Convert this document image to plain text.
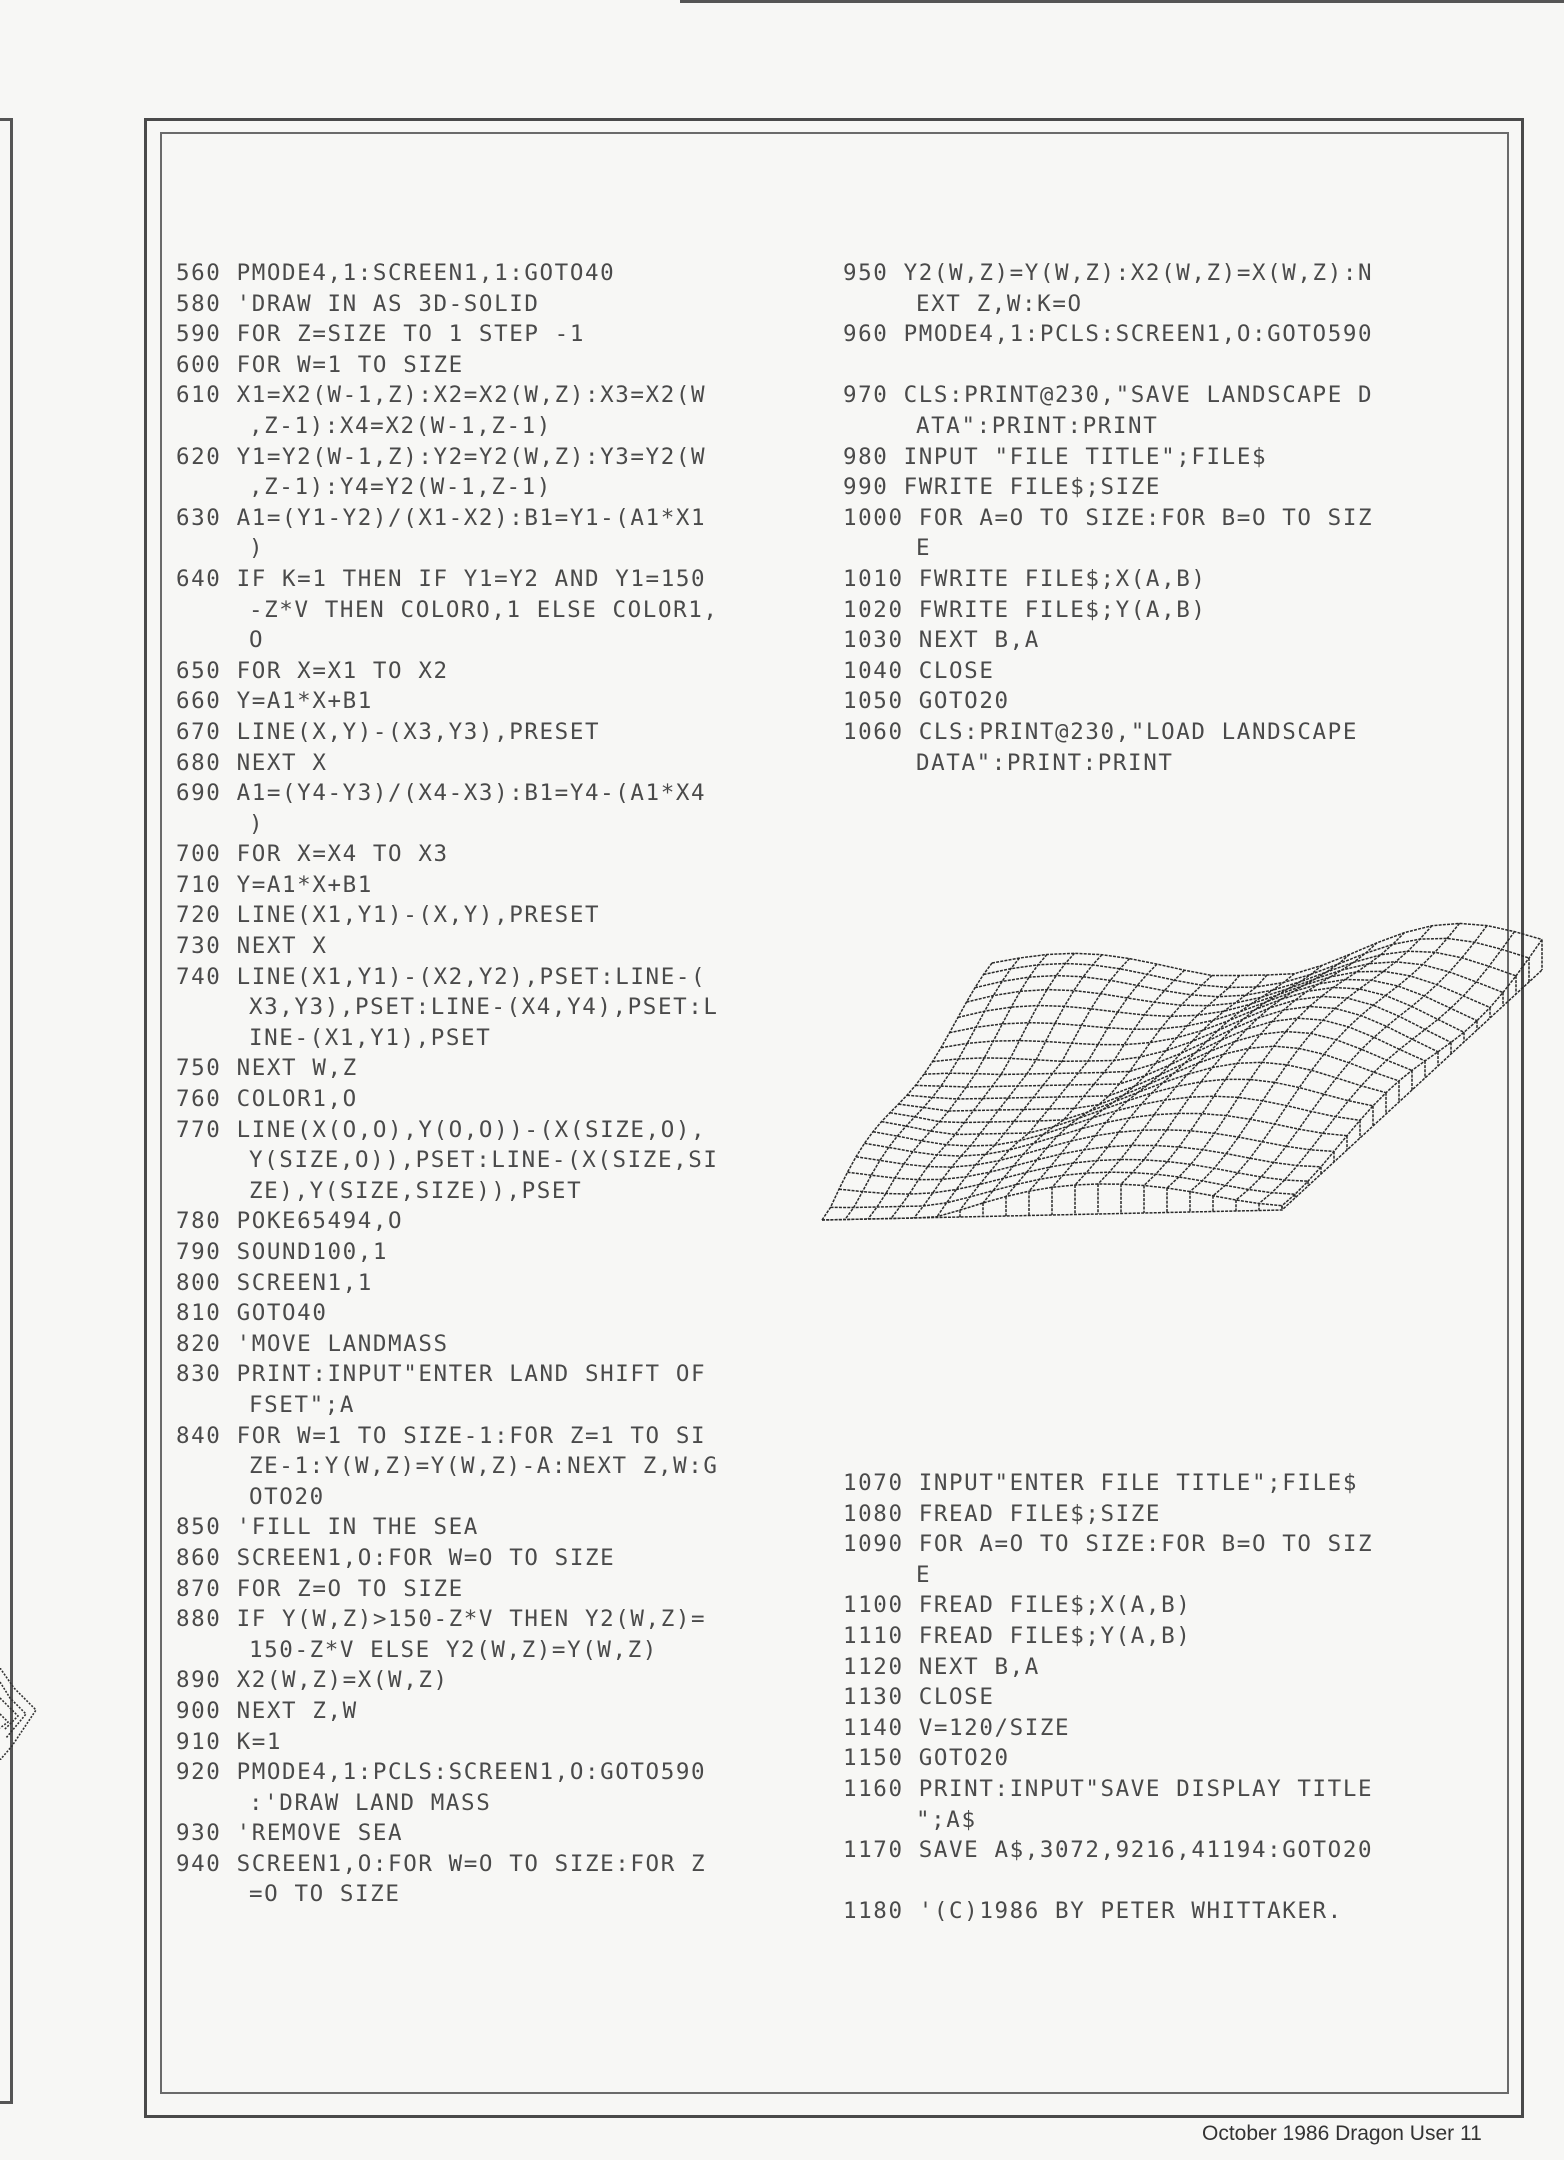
560 PMODE4,1:SCREEN1,1:GOTO40
580 'DRAW IN AS 3D-SOLID
590 FOR Z=SIZE TO 1 STEP -1
600 FOR W=1 TO SIZE
610 X1=X2(W-1,Z):X2=X2(W,Z):X3=X2(W
,Z-1):X4=X2(W-1,Z-1)
620 Y1=Y2(W-1,Z):Y2=Y2(W,Z):Y3=Y2(W
,Z-1):Y4=Y2(W-1,Z-1)
630 A1=(Y1-Y2)/(X1-X2):B1=Y1-(A1*X1
)
640 IF K=1 THEN IF Y1=Y2 AND Y1=150
-Z*V THEN COLORO,1 ELSE COLOR1,
O
650 FOR X=X1 TO X2
660 Y=A1*X+B1
670 LINE(X,Y)-(X3,Y3),PRESET
680 NEXT X
690 A1=(Y4-Y3)/(X4-X3):B1=Y4-(A1*X4
)
700 FOR X=X4 TO X3
710 Y=A1*X+B1
720 LINE(X1,Y1)-(X,Y),PRESET
730 NEXT X
740 LINE(X1,Y1)-(X2,Y2),PSET:LINE-(
X3,Y3),PSET:LINE-(X4,Y4),PSET:L
INE-(X1,Y1),PSET
750 NEXT W,Z
760 COLOR1,O
770 LINE(X(O,O),Y(O,O))-(X(SIZE,O),
Y(SIZE,O)),PSET:LINE-(X(SIZE,SI
ZE),Y(SIZE,SIZE)),PSET
780 POKE65494,O
790 SOUND100,1
800 SCREEN1,1
810 GOTO40
820 'MOVE LANDMASS
830 PRINT:INPUT"ENTER LAND SHIFT OF
FSET";A
840 FOR W=1 TO SIZE-1:FOR Z=1 TO SI
ZE-1:Y(W,Z)=Y(W,Z)-A:NEXT Z,W:G
OTO20
850 'FILL IN THE SEA
860 SCREEN1,O:FOR W=O TO SIZE
870 FOR Z=O TO SIZE
880 IF Y(W,Z)>150-Z*V THEN Y2(W,Z)=
150-Z*V ELSE Y2(W,Z)=Y(W,Z)
890 X2(W,Z)=X(W,Z)
900 NEXT Z,W
910 K=1
920 PMODE4,1:PCLS:SCREEN1,O:GOTO590
:'DRAW LAND MASS
930 'REMOVE SEA
940 SCREEN1,O:FOR W=O TO SIZE:FOR Z
=O TO SIZE
950 Y2(W,Z)=Y(W,Z):X2(W,Z)=X(W,Z):N
EXT Z,W:K=O
960 PMODE4,1:PCLS:SCREEN1,O:GOTO590
970 CLS:PRINT@230,"SAVE LANDSCAPE D
ATA":PRINT:PRINT
980 INPUT "FILE TITLE";FILE$
990 FWRITE FILE$;SIZE
1000 FOR A=O TO SIZE:FOR B=O TO SIZ
E
1010 FWRITE FILE$;X(A,B)
1020 FWRITE FILE$;Y(A,B)
1030 NEXT B,A
1040 CLOSE
1050 GOTO20
1060 CLS:PRINT@230,"LOAD LANDSCAPE
DATA":PRINT:PRINT
1070 INPUT"ENTER FILE TITLE";FILE$
1080 FREAD FILE$;SIZE
1090 FOR A=O TO SIZE:FOR B=O TO SIZ
E
1100 FREAD FILE$;X(A,B)
1110 FREAD FILE$;Y(A,B)
1120 NEXT B,A
1130 CLOSE
1140 V=120/SIZE
1150 GOTO20
1160 PRINT:INPUT"SAVE DISPLAY TITLE
";A$
1170 SAVE A$,3072,9216,41194:GOTO20
1180 '(C)1986 BY PETER WHITTAKER.
October 1986 Dragon User 11
